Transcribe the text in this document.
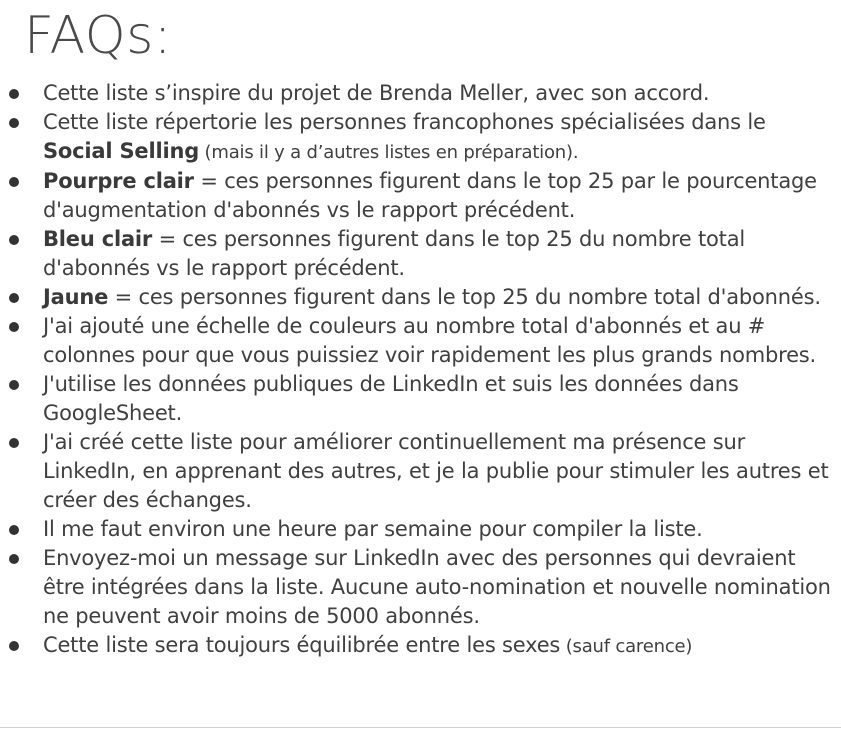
FAQs:
Cette liste s’inspire du projet de Brenda Meller, avec son accord.
Cette liste répertorie les personnes francophones spécialisées dans le Social Selling (mais il y a d’autres listes en préparation).
Pourpre clair = ces personnes figurent dans le top 25 par le pourcentage d'augmentation d'abonnés vs le rapport précédent.
Bleu clair = ces personnes figurent dans le top 25 du nombre total d'abonnés vs le rapport précédent.
Jaune = ces personnes figurent dans le top 25 du nombre total d'abonnés.
J'ai ajouté une échelle de couleurs au nombre total d'abonnés et au # colonnes pour que vous puissiez voir rapidement les plus grands nombres.
J'utilise les données publiques de LinkedIn et suis les données dans GoogleSheet.
J'ai créé cette liste pour améliorer continuellement ma présence sur LinkedIn, en apprenant des autres, et je la publie pour stimuler les autres et créer des échanges.
Il me faut environ une heure par semaine pour compiler la liste.
Envoyez-moi un message sur LinkedIn avec des personnes qui devraient être intégrées dans la liste. Aucune auto-nomination et nouvelle nomination ne peuvent avoir moins de 5000 abonnés.
Cette liste sera toujours équilibrée entre les sexes (sauf carence)
